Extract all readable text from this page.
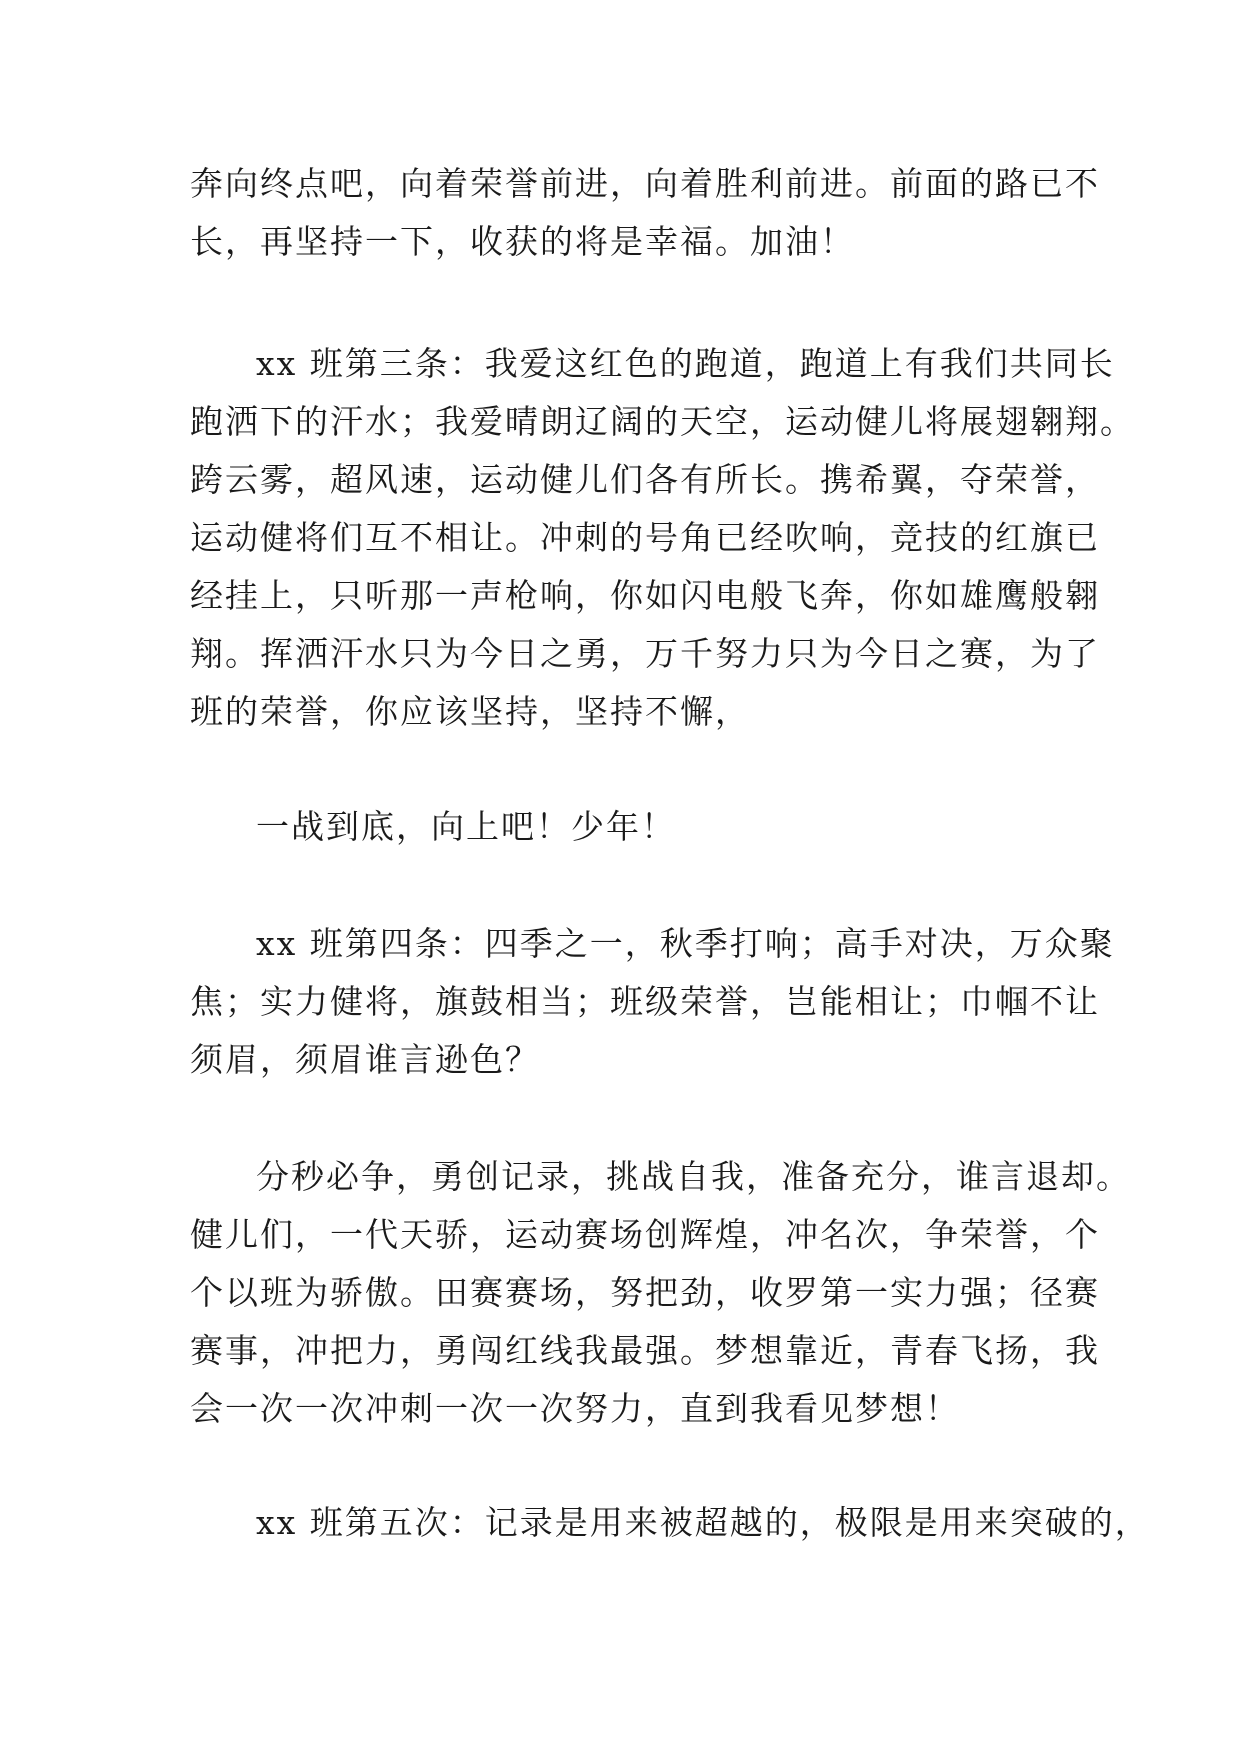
奔向终点吧，向着荣誉前进，向着胜利前进。前面的路已不
长，再坚持一下，收获的将是幸福。加油！

xx 班第三条：我爱这红色的跑道，跑道上有我们共同长
跑洒下的汗水；我爱晴朗辽阔的天空，运动健儿将展翅翱翔。
跨云雾，超风速，运动健儿们各有所长。携希翼，夺荣誉，
运动健将们互不相让。冲刺的号角已经吹响，竞技的红旗已
经挂上，只听那一声枪响，你如闪电般飞奔，你如雄鹰般翱
翔。挥洒汗水只为今日之勇，万千努力只为今日之赛，为了
班的荣誉，你应该坚持，坚持不懈，

一战到底，向上吧！少年！

xx 班第四条：四季之一，秋季打响；高手对决，万众聚
焦；实力健将，旗鼓相当；班级荣誉，岂能相让；巾帼不让
须眉，须眉谁言逊色？

分秒必争，勇创记录，挑战自我，准备充分，谁言退却。
健儿们，一代天骄，运动赛场创辉煌，冲名次，争荣誉，个
个以班为骄傲。田赛赛场，努把劲，收罗第一实力强；径赛
赛事，冲把力，勇闯红线我最强。梦想靠近，青春飞扬，我
会一次一次冲刺一次一次努力，直到我看见梦想！

xx 班第五次：记录是用来被超越的，极限是用来突破的，
